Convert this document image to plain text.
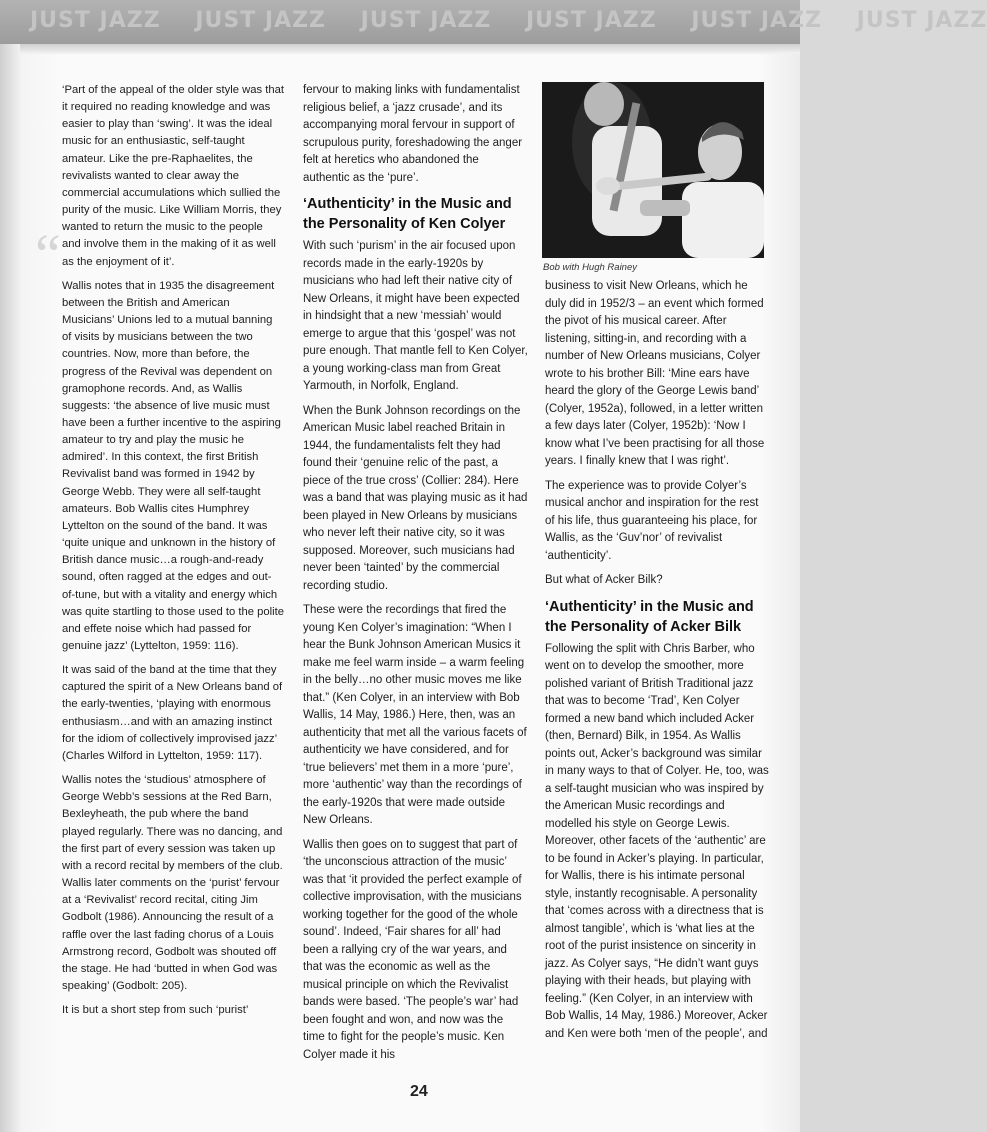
JUST JAZZ JUST JAZZ JUST JAZZ JUST JAZZ JUST JAZZ JUST JAZZ
“

‘Part of the appeal of the older style was that it required no reading knowledge and was easier to play than ‘swing’. It was the ideal music for an enthusiastic, self-taught amateur. Like the pre-Raphaelites, the revivalists wanted to clear away the commercial accumulations which sullied the purity of the music. Like William Morris, they wanted to return the music to the people and involve them in the making of it as well as the enjoyment of it’.

Wallis notes that in 1935 the disagreement between the British and American Musicians’ Unions led to a mutual banning of visits by musicians between the two countries. Now, more than before, the progress of the Revival was dependent on gramophone records. And, as Wallis suggests: ‘the absence of live music must have been a further incentive to the aspiring amateur to try and play the music he admired’. In this context, the first British Revivalist band was formed in 1942 by George Webb. They were all self-taught amateurs. Bob Wallis cites Humphrey Lyttelton on the sound of the band. It was ‘quite unique and unknown in the history of British dance music…a rough-and-ready sound, often ragged at the edges and out-of-tune, but with a vitality and energy which was quite startling to those used to the polite and effete noise which had passed for genuine jazz’ (Lyttelton, 1959: 116).

It was said of the band at the time that they captured the spirit of a New Orleans band of the early-twenties, ‘playing with enormous enthusiasm…and with an amazing instinct for the idiom of collectively improvised jazz’ (Charles Wilford in Lyttelton, 1959: 117).

Wallis notes the ‘studious’ atmosphere of George Webb’s sessions at the Red Barn, Bexleyheath, the pub where the band played regularly. There was no dancing, and the first part of every session was taken up with a record recital by members of the club. Wallis later comments on the ‘purist’ fervour at a ‘Revivalist’ record recital, citing Jim Godbolt (1986). Announcing the result of a raffle over the last fading chorus of a Louis Armstrong record, Godbolt was shouted off the stage. He had ‘butted in when God was speaking’ (Godbolt: 205).

It is but a short step from such ‘purist’

fervour to making links with fundamentalist religious belief, a ‘jazz crusade’, and its accompanying moral fervour in support of scrupulous purity, foreshadowing the anger felt at heretics who abandoned the authentic as the ‘pure’.

‘Authenticity’ in the Music and the Personality of Ken Colyer

With such ‘purism’ in the air focused upon records made in the early-1920s by musicians who had left their native city of New Orleans, it might have been expected in hindsight that a new ‘messiah’ would emerge to argue that this ‘gospel’ was not pure enough. That mantle fell to Ken Colyer, a young working-class man from Great Yarmouth, in Norfolk, England.

When the Bunk Johnson recordings on the American Music label reached Britain in 1944, the fundamentalists felt they had found their ‘genuine relic of the past, a piece of the true cross’ (Collier: 284). Here was a band that was playing music as it had been played in New Orleans by musicians who never left their native city, so it was supposed. Moreover, such musicians had never been ‘tainted’ by the commercial recording studio.

These were the recordings that fired the young Ken Colyer’s imagination: “When I hear the Bunk Johnson American Musics it make me feel warm inside – a warm feeling in the belly…no other music moves me like that.” (Ken Colyer, in an interview with Bob Wallis, 14 May, 1986.) Here, then, was an authenticity that met all the various facets of authenticity we have considered, and for ‘true believers’ met them in a more ‘pure’, more ‘authentic’ way than the recordings of the early-1920s that were made outside New Orleans.

Wallis then goes on to suggest that part of ‘the unconscious attraction of the music’ was that ‘it provided the perfect example of collective improvisation, with the musicians working together for the good of the whole sound’. Indeed, ‘Fair shares for all’ had been a rallying cry of the war years, and that was the economic as well as the musical principle on which the Revivalist bands were based. ‘The people’s war’ had been fought and won, and now was the time to fight for the people’s music. Ken Colyer made it his

Bob with Hugh Rainey

business to visit New Orleans, which he duly did in 1952/3 – an event which formed the pivot of his musical career. After listening, sitting-in, and recording with a number of New Orleans musicians, Colyer wrote to his brother Bill: ‘Mine ears have heard the glory of the George Lewis band’ (Colyer, 1952a), followed, in a letter written a few days later (Colyer, 1952b): ‘Now I know what I’ve been practising for all those years. I finally knew that I was right’.

The experience was to provide Colyer’s musical anchor and inspiration for the rest of his life, thus guaranteeing his place, for Wallis, as the ‘Guv’nor’ of revivalist ‘authenticity’.

But what of Acker Bilk?

‘Authenticity’ in the Music and the Personality of Acker Bilk

Following the split with Chris Barber, who went on to develop the smoother, more polished variant of British Traditional jazz that was to become ‘Trad’, Ken Colyer formed a new band which included Acker (then, Bernard) Bilk, in 1954. As Wallis points out, Acker’s background was similar in many ways to that of Colyer. He, too, was a self-taught musician who was inspired by the American Music recordings and modelled his style on George Lewis. Moreover, other facets of the ‘authentic’ are to be found in Acker’s playing. In particular, for Wallis, there is his intimate personal style, instantly recognisable. A personality that ‘comes across with a directness that is almost tangible’, which is ‘what lies at the root of the purist insistence on sincerity in jazz. As Colyer says, “He didn’t want guys playing with their heads, but playing with feeling.” (Ken Colyer, in an interview with Bob Wallis, 14 May, 1986.) Moreover, Acker and Ken were both ‘men of the people’, and

24
